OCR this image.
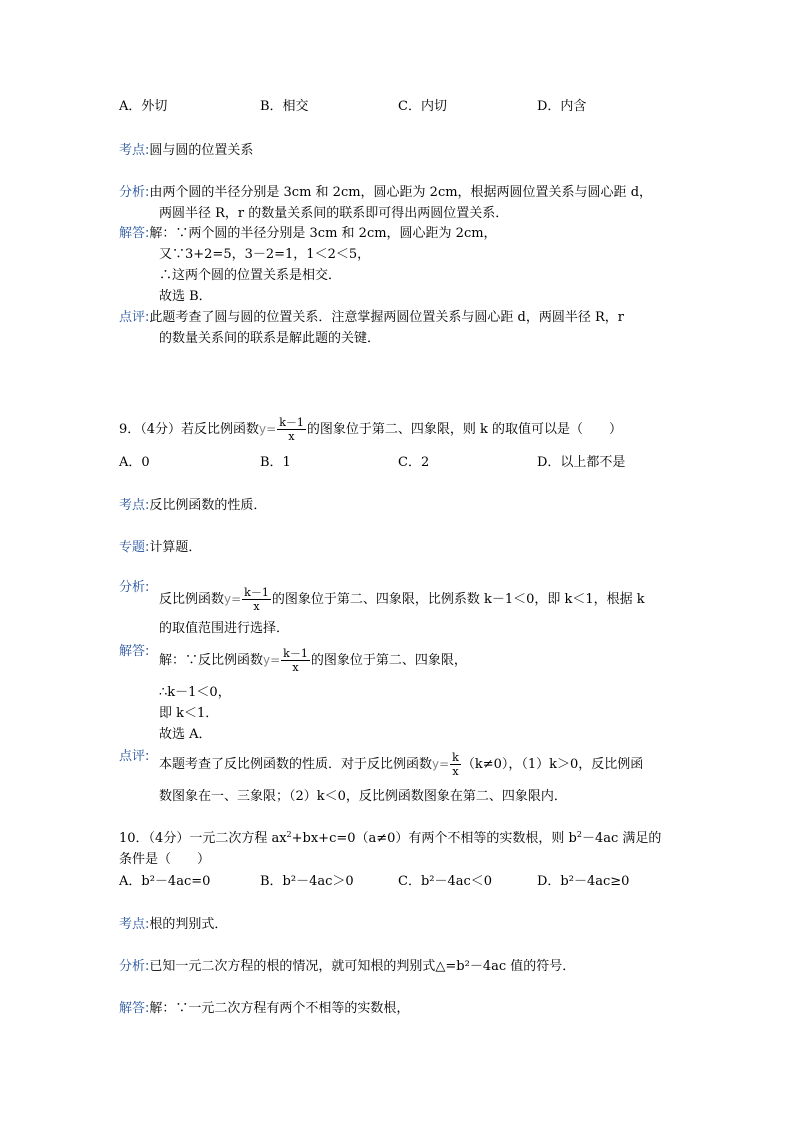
A．外切	B．相交	C．内切	D．内含
考点:圆与圆的位置关系
分析:由两个圆的半径分别是 3cm 和 2cm，圆心距为 2cm，根据两圆位置关系与圆心距 d，
两圆半径 R，r 的数量关系间的联系即可得出两圆位置关系．
解答:解：∵两个圆的半径分别是 3cm 和 2cm，圆心距为 2cm，
又∵3+2=5，3－2=1，1＜2＜5，
∴这两个圆的位置关系是相交．
故选 B．
点评:此题考查了圆与圆的位置关系．注意掌握两圆位置关系与圆心距 d，两圆半径 R，r
的数量关系间的联系是解此题的关键．
9．（4分）若反比例函数$y= \frac{k-1}{x}$ 的图象位于第二、四象限，则 k 的取值可以是（　　）
A．0	B．1	C．2	D．以上都不是
考点:反比例函数的性质．
专题:计算题．
分析:
反比例函数$y= \frac{k-1}{x}$ 的图象位于第二、四象限，比例系数 k－1＜0，即 k＜1，根据 k
的取值范围进行选择．
解答:
解：∵反比例函数$y= \frac{k-1}{x}$ 的图象位于第二、四象限，
∴k－1＜0，
即 k＜1．
故选 A．
点评:
本题考查了反比例函数的性质．对于反比例函数$y= \frac{k}{x} (k\ne 0)$，（1）k＞0，反比例函
数图象在一、三象限；（2）k＜0，反比例函数图象在第二、四象限内．
10．（4分）一元二次方程 $ax^2+bx+c=0(a\ne 0)$有两个不相等的实数根，则 $b^2-4ac$ 满足的
条件是（　　）
A．b²－4ac=0	B．b²－4ac＞0	C．b²－4ac＜0	D．b²－4ac≥0
考点:根的判别式．
分析:已知一元二次方程的根的情况，就可知根的判别式△=b²－4ac 值的符号．
解答:解：∵一元二次方程有两个不相等的实数根，
